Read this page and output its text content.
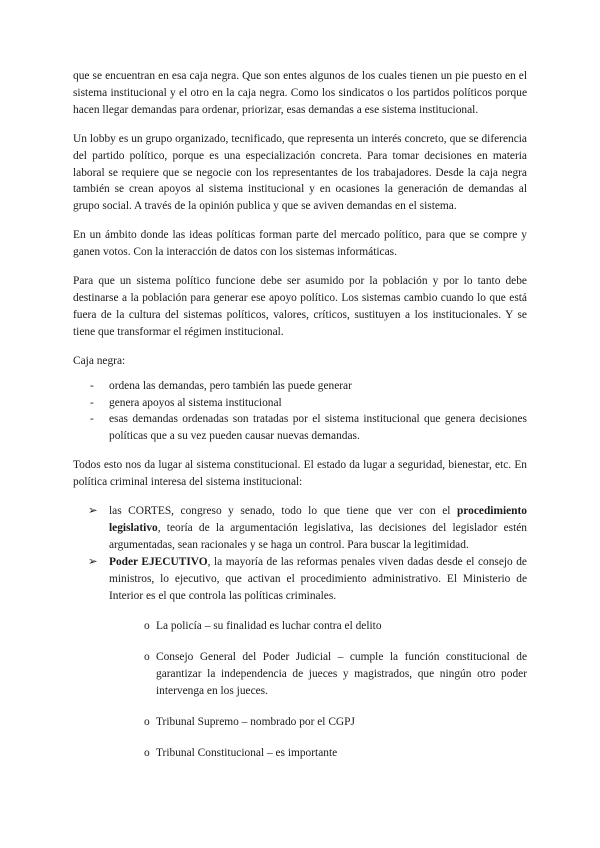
que se encuentran en esa caja negra. Que son entes algunos de los cuales tienen un pie puesto en el sistema institucional y el otro en la caja negra. Como los sindicatos o los partidos políticos porque hacen llegar demandas para ordenar, priorizar, esas demandas a ese sistema institucional.

Un lobby es un grupo organizado, tecnificado, que representa un interés concreto, que se diferencia del partido político, porque es una especialización concreta. Para tomar decisiones en materia laboral se requiere que se negocie con los representantes de los trabajadores. Desde la caja negra también se crean apoyos al sistema institucional y en ocasiones la generación de demandas al grupo social. A través de la opinión publica y que se aviven demandas en el sistema.

En un ámbito donde las ideas políticas forman parte del mercado político, para que se compre y ganen votos. Con la interacción de datos con los sistemas informáticas.

Para que un sistema político funcione debe ser asumido por la población y por lo tanto debe destinarse a la población para generar ese apoyo político. Los sistemas cambio cuando lo que está fuera de la cultura del sistemas políticos, valores, críticos, sustituyen a los institucionales. Y se tiene que transformar el régimen institucional.

Caja negra:

- ordena las demandas, pero también las puede generar
- genera apoyos al sistema institucional
- esas demandas ordenadas son tratadas por el sistema institucional que genera decisiones políticas que a su vez pueden causar nuevas demandas.

Todos esto nos da lugar al sistema constitucional. El estado da lugar a seguridad, bienestar, etc. En política criminal interesa del sistema institucional:

➢ las CORTES, congreso y senado, todo lo que tiene que ver con el procedimiento legislativo, teoría de la argumentación legislativa, las decisiones del legislador estén argumentadas, sean racionales y se haga un control. Para buscar la legitimidad.
➢ Poder EJECUTIVO, la mayoría de las reformas penales viven dadas desde el consejo de ministros, lo ejecutivo, que activan el procedimiento administrativo. El Ministerio de Interior es el que controla las políticas criminales.
o La policía – su finalidad es luchar contra el delito
o Consejo General del Poder Judicial – cumple la función constitucional de garantizar la independencia de jueces y magistrados, que ningún otro poder intervenga en los jueces.
o Tribunal Supremo – nombrado por el CGPJ
o Tribunal Constitucional – es importante
